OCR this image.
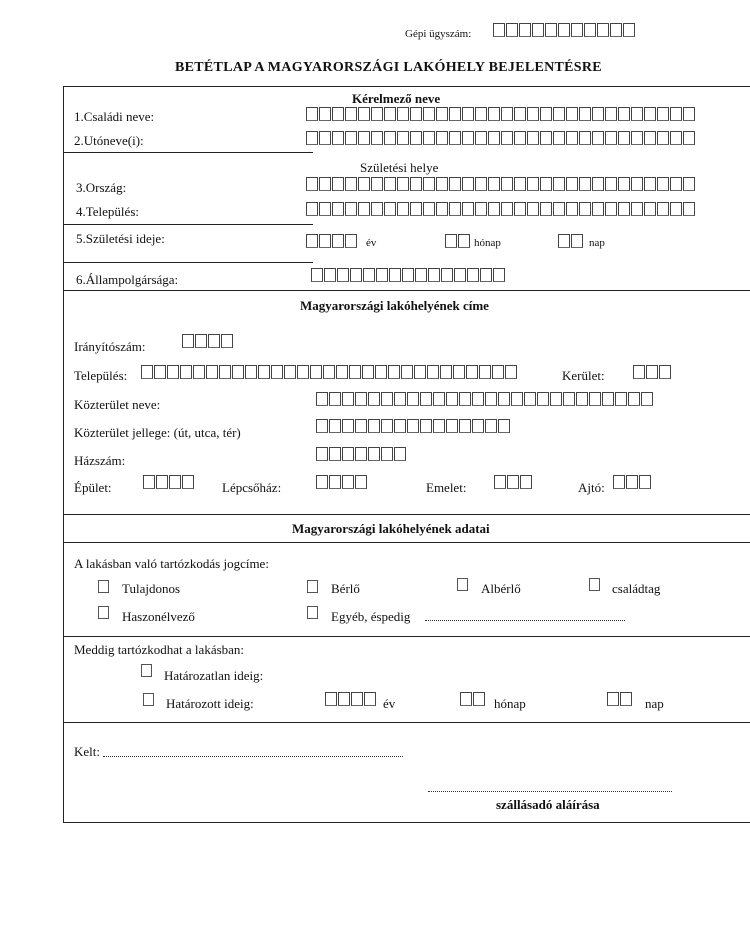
Gépi ügyszám:
BETÉTLAP A MAGYARORSZÁGI LAKÓHELY BEJELENTÉSRE
Kérelmező neve
1.Családi neve:
2.Utóneve(i):
Születési helye
3.Ország:
4.Település:
5.Születési ideje:	év	hónap	nap
6.Állampolgársága:
Magyarországi lakóhelyének címe
Irányítószám:
Település:	Kerület:
Közterület neve:
Közterület jellege: (út, utca, tér)
Házszám:
Épület:	Lépcsőház:	Emelet:	Ajtó:
Magyarországi lakóhelyének adatai
A lakásban való tartózkodás jogcíme:
Tulajdonos	Bérlő	Albérlő	családtag
Haszonélvező	Egyéb, éspedig
Meddig tartózkodhat a lakásban:
Határozatlan ideig:
Határozott ideig:	év	hónap	nap
Kelt:
szállásadó aláírása
